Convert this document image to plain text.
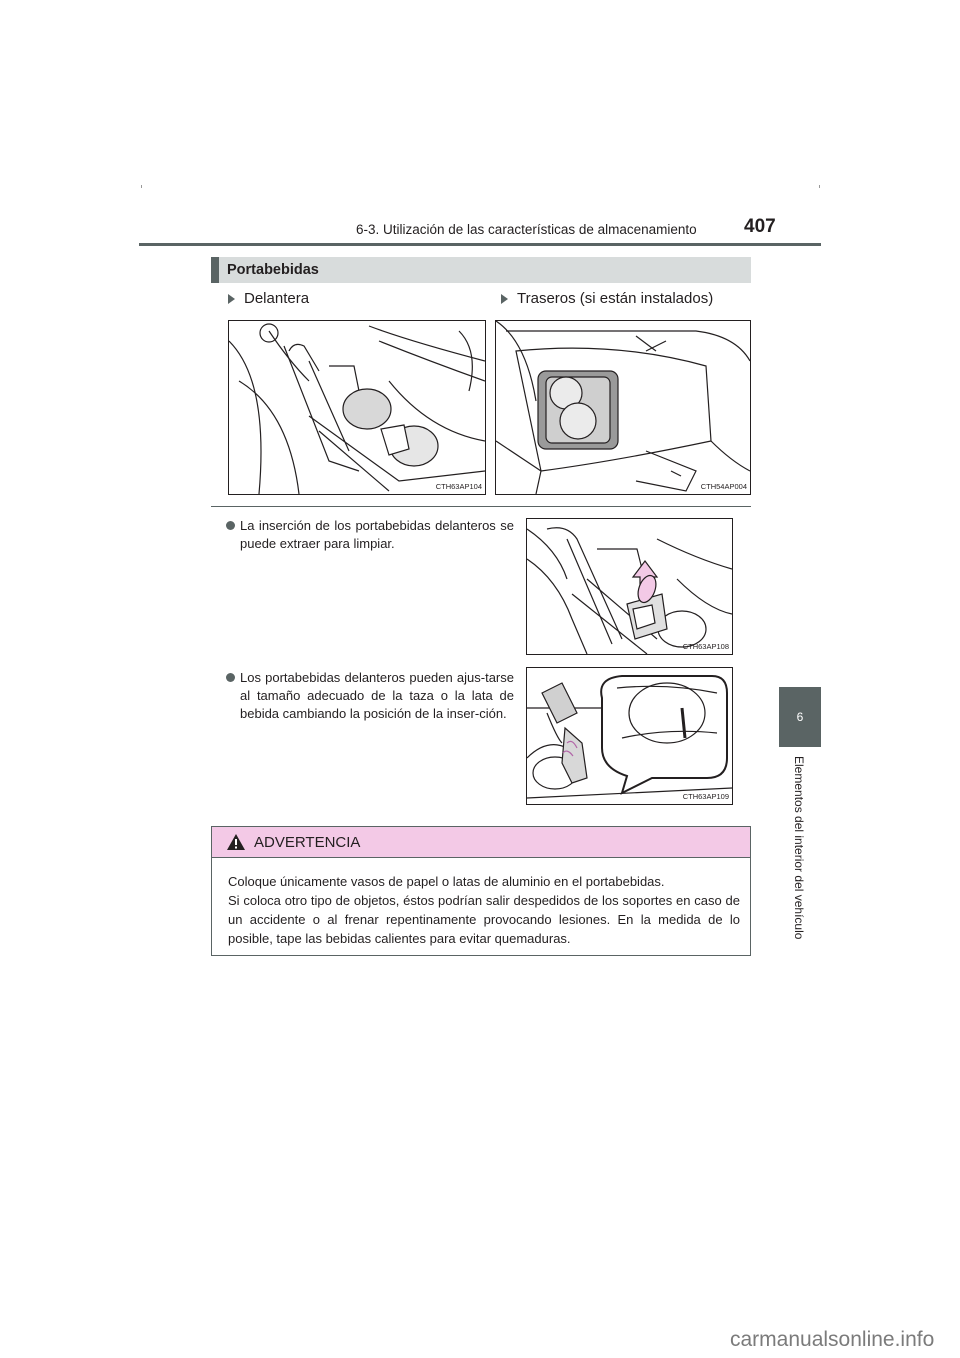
6-3. Utilización de las características de almacenamiento 407
6
Elementos del interior del vehículo
Portabebidas
Delantera	Traseros (si están instalados)
CTH63AP104	CTH54AP004
La inserción de los portabebidas delanteros se puede extraer para limpiar.
CTH63AP108
Los portabebidas delanteros pueden ajus-tarse al tamaño adecuado de la taza o la lata de bebida cambiando la posición de la inser-ción.
CTH63AP109
ADVERTENCIA
Coloque únicamente vasos de papel o latas de aluminio en el portabebidas.
Si coloca otro tipo de objetos, éstos podrían salir despedidos de los soportes en caso de un accidente o al frenar repentinamente provocando lesiones. En la medida de lo posible, tape las bebidas calientes para evitar quemaduras.
carmanualsonline.info
